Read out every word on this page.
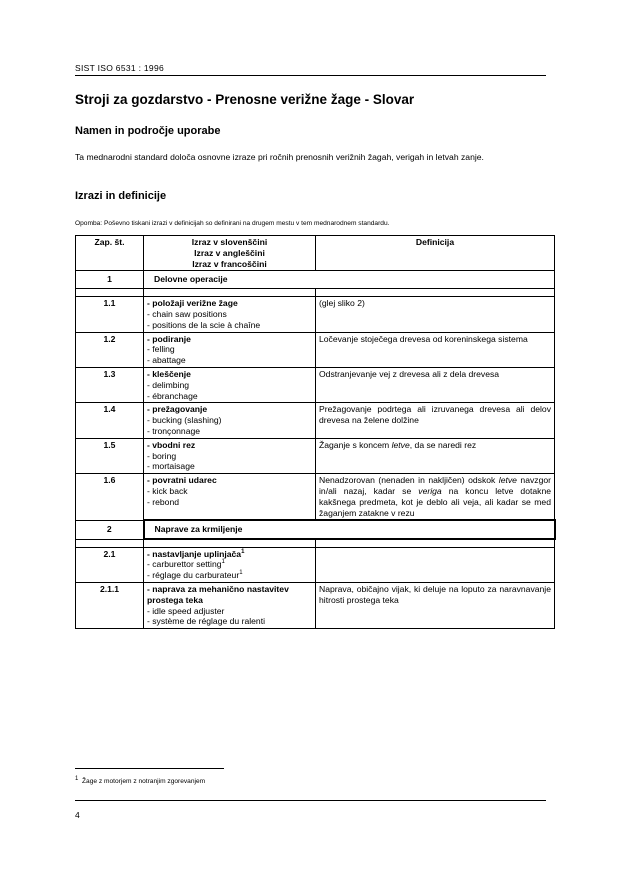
SIST ISO 6531 : 1996
Stroji za gozdarstvo - Prenosne verižne žage - Slovar
Namen in področje uporabe
Ta mednarodni standard določa osnovne izraze pri ročnih prenosnih verižnih žagah, verigah in letvah zanje.
Izrazi in definicije
Opomba: Poševno tiskani izrazi v definicijah so definirani na drugem mestu v tem mednarodnem standardu.
Zap. št.	Izraz v slovenščini
Izraz v angleščini
Izraz v francoščini	Definicija
1	Delovne operacije	

1.1	- položaji verižne žage
- chain saw positions
- positions de la scie à chaîne	(glej sliko 2)
1.2	- podiranje
- felling
- abattage	Ločevanje stoječega drevesa od koreninskega sistema
1.3	- kleščenje
- delimbing
- ébranchage	Odstranjevanje vej z drevesa ali z dela drevesa
1.4	- prežagovanje
- bucking (slashing)
- tronçonnage	Prežagovanje podrtega ali izruvanega drevesa ali delov drevesa na želene dolžine
1.5	- vbodni rez
- boring
- mortaisage	Žaganje s koncem letve, da se naredi rez
1.6	- povratni udarec
- kick back
- rebond	Nenadzorovan (nenaden in nakljičen) odskok letve navzgor in/ali nazaj, kadar se veriga na koncu letve dotakne kakšnega predmeta, kot je deblo ali veja, ali kadar se med žaganjem zatakne v rezu
2	Naprave za krmiljenje	

2.1	- nastavljanje uplinjača$^1$
- carburettor setting$^1$
- réglage du carburateur$^1$

2.1.1	- naprava za mehanično nastavitev prostega teka
- idle speed adjuster
- système de réglage du ralenti	Naprava, običajno vijak, ki deluje na loputo za naravnavanje hitrosti prostega teka
$^1$ Žage z motorjem z notranjim zgorevanjem
4
